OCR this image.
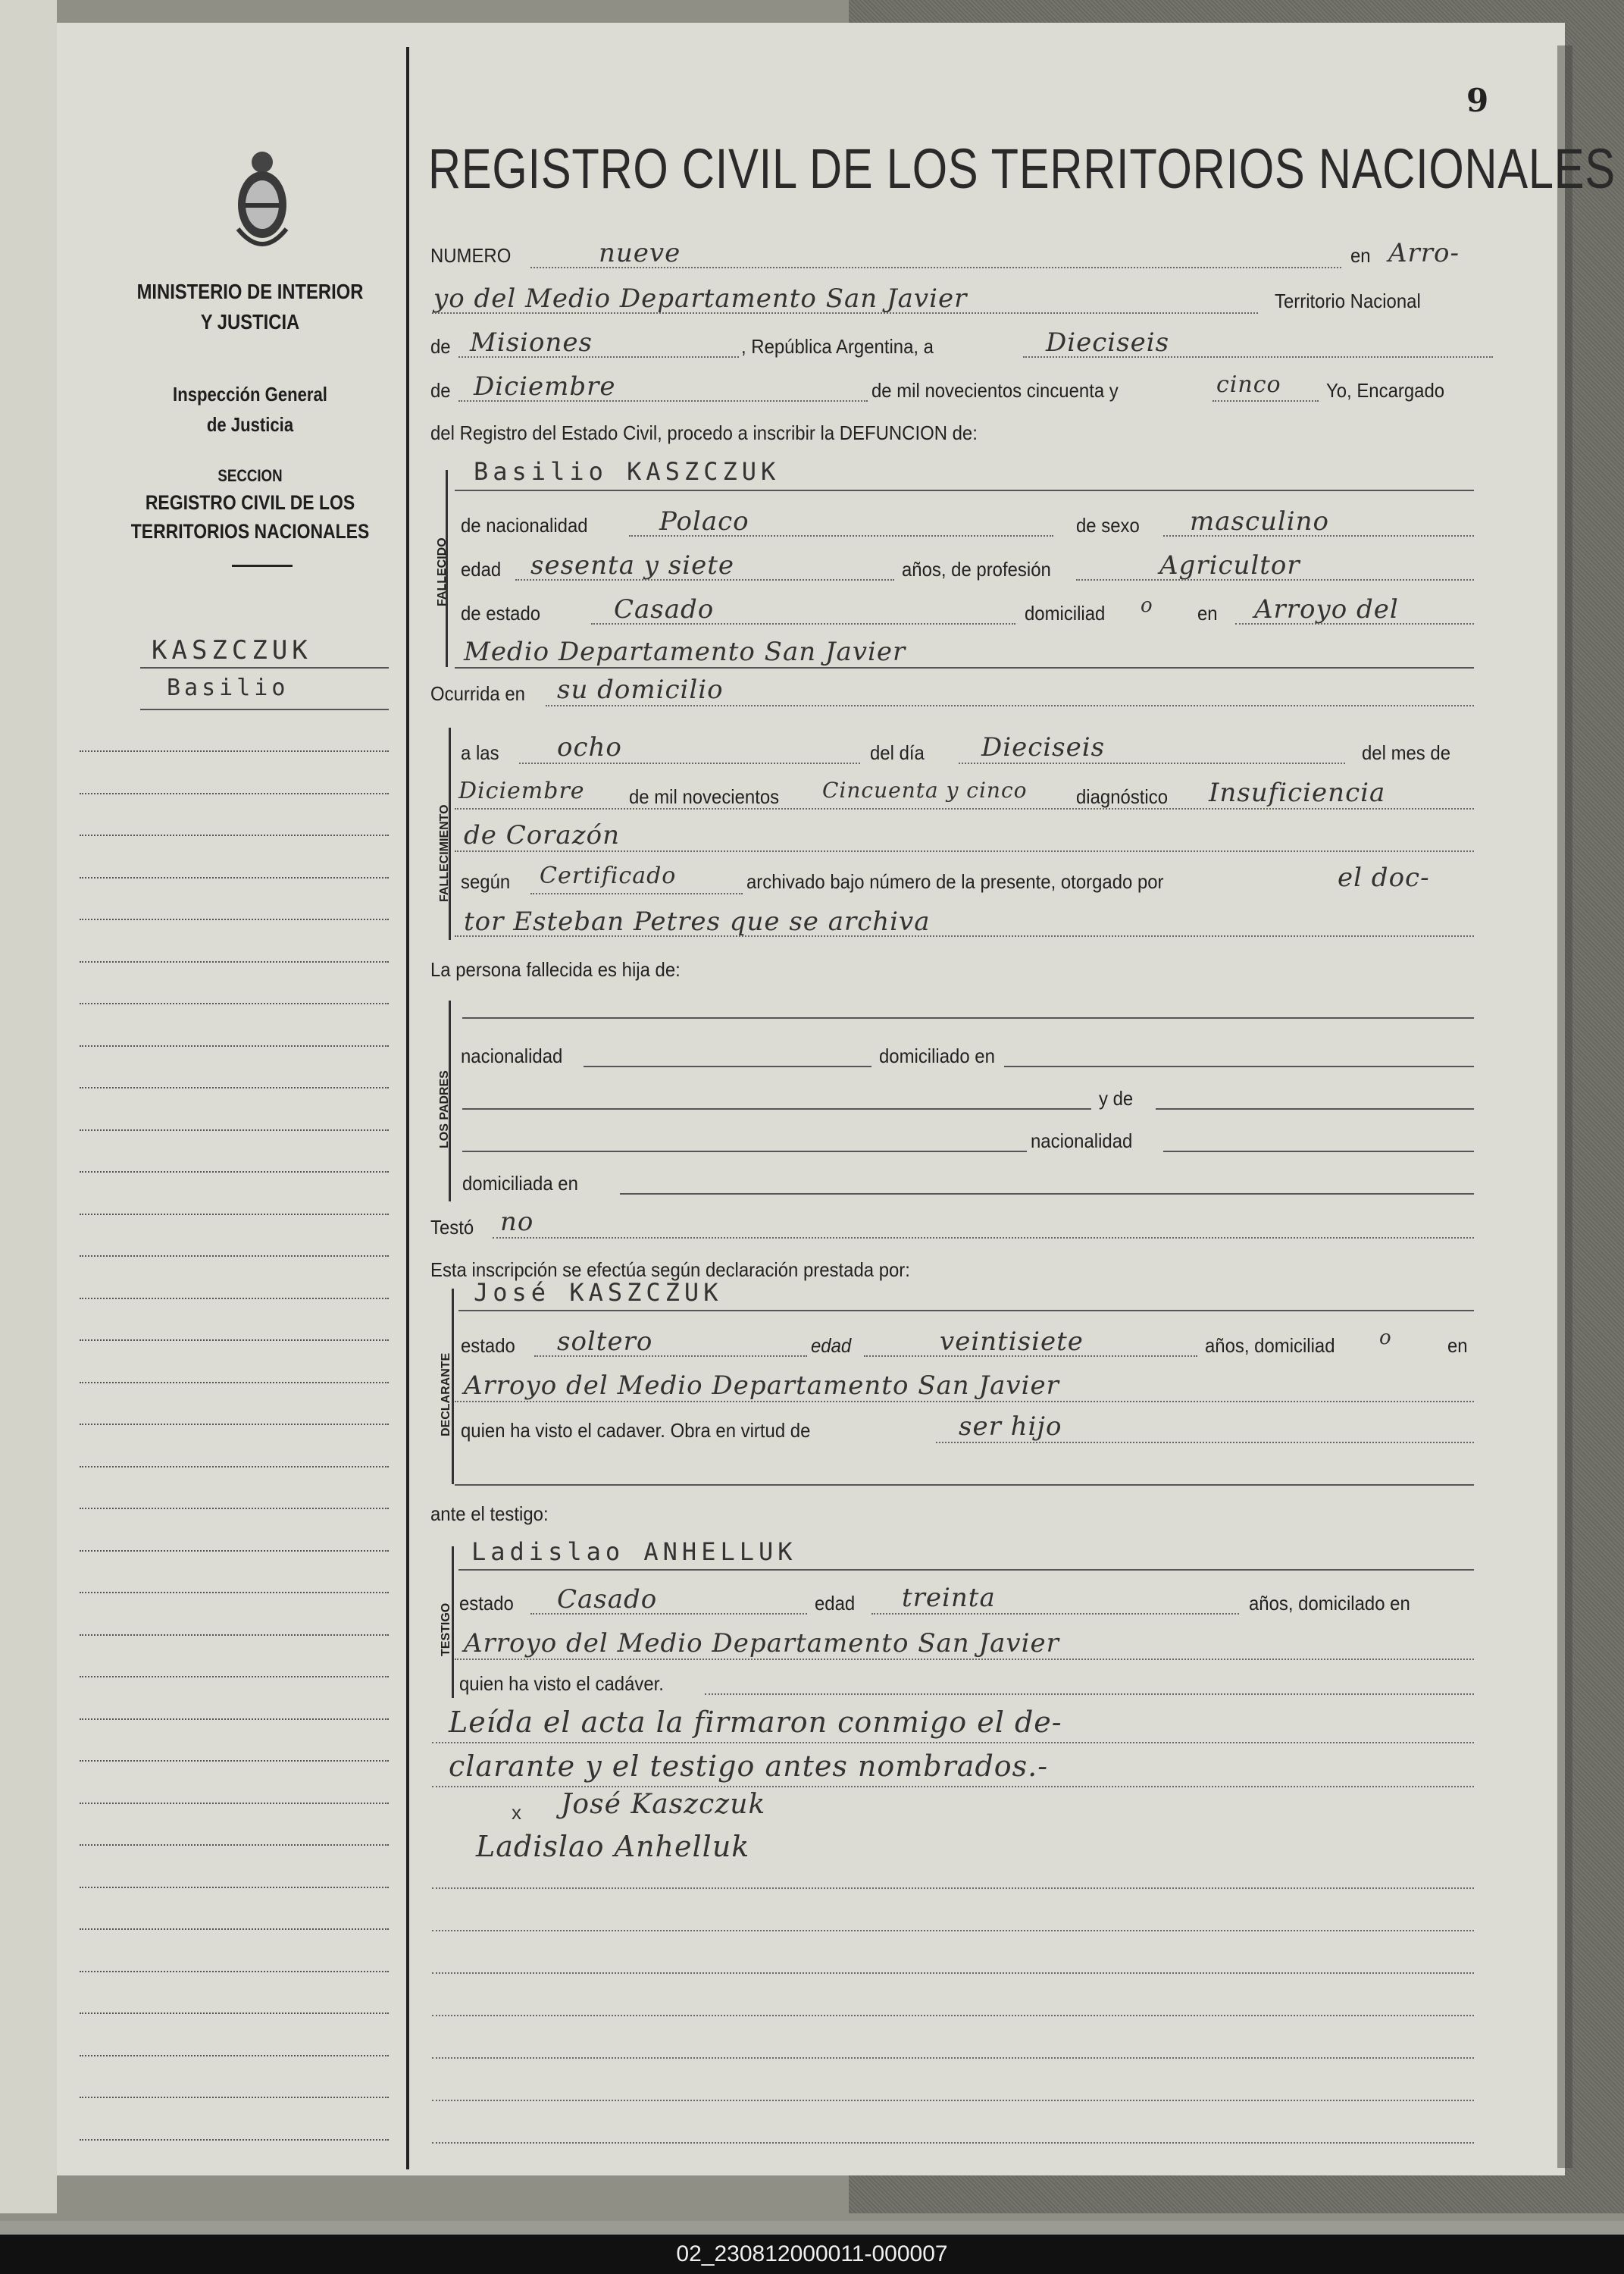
MINISTERIO DE INTERIOR
Y JUSTICIA
Inspección General
de Justicia
SECCION
REGISTRO CIVIL DE LOS
TERRITORIOS NACIONALES
KASZCZUK
Basilio
9
REGISTRO CIVIL DE LOS TERRITORIOS NACIONALES
NUMERO	nueve	en Arro-
yo del Medio Departamento San Javier	Territorio Nacional
de Misiones	, República Argentina, a	Dieciseis
de Diciembre	de mil novecientos cincuenta y	cinco Yo, Encargado
del Registro del Estado Civil, procedo a inscribir la DEFUNCION de:
FALLECIDO
Basilio KASZCZUK
de nacionalidad	Polaco	de sexo masculino
edad sesenta y siete	años, de profesión	Agricultor
de estado	Casado	domiciliad o en Arroyo del
Medio Departamento San Javier
Ocurrida en su domicilio
FALLECIMIENTO
a las ocho	del día Dieciseis	del mes de
Diciembre de mil novecientos Cincuenta y cinco diagnóstico Insuficiencia
de Corazón
según Certificado	archivado bajo número de la presente, otorgado por	el doc-
tor Esteban Petres que se archiva
La persona fallecida es hija de:
LOS PADRES
nacionalidad	domiciliado en
y de
nacionalidad
domiciliada en
Testó no
Esta inscripción se efectúa según declaración prestada por:
DECLARANTE
José KASZCZUK
estado soltero	edad	veintisiete	años, domiciliad o	en
Arroyo del Medio Departamento San Javier
quien ha visto el cadaver. Obra en virtud de	ser hijo
ante el testigo:
TESTIGO
Ladislao ANHELLUK
estado Casado	edad treinta	años, domicilado en
Arroyo del Medio Departamento San Javier
quien ha visto el cadáver.
Leída el acta la firmaron conmigo el de-
clarante y el testigo antes nombrados.-
x José Kaszczuk
Ladislao Anhelluk
02_230812000011-000007
